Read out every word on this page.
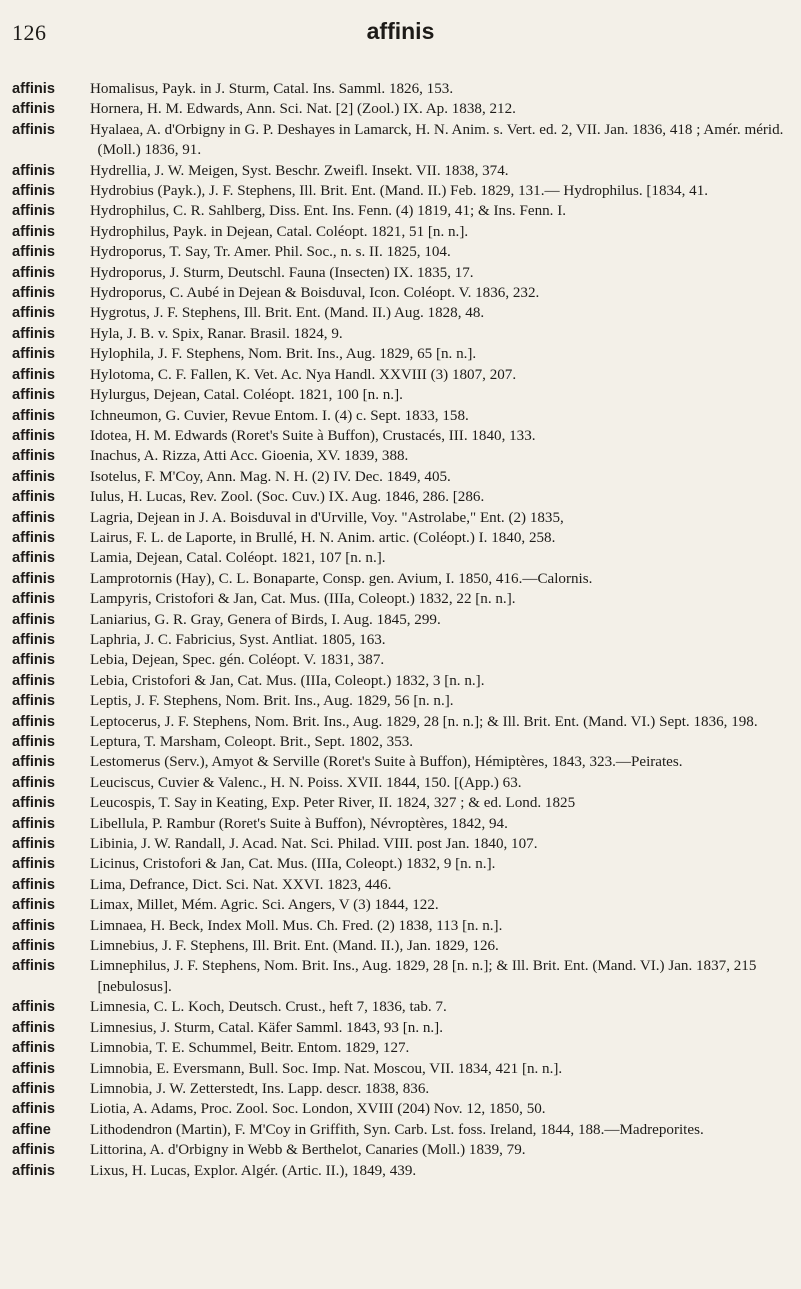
126	affinis
affinis	Homalisus, Payk. in J. Sturm, Catal. Ins. Samml. 1826, 153.
affinis	Hornera, H. M. Edwards, Ann. Sci. Nat. [2] (Zool.) IX. Ap. 1838, 212.
affinis	Hyalaea, A. d'Orbigny in G. P. Deshayes in Lamarck, H. N. Anim. s. Vert. ed. 2, VII. Jan. 1836, 418 ; Amér. mérid. (Moll.) 1836, 91.
affinis	Hydrellia, J. W. Meigen, Syst. Beschr. Zweifl. Insekt. VII. 1838, 374.
affinis	Hydrobius (Payk.), J. F. Stephens, Ill. Brit. Ent. (Mand. II.) Feb. 1829, 131.— Hydrophilus. [1834, 41.
affinis	Hydrophilus, C. R. Sahlberg, Diss. Ent. Ins. Fenn. (4) 1819, 41; & Ins. Fenn. I.
affinis	Hydrophilus, Payk. in Dejean, Catal. Coléopt. 1821, 51 [n. n.].
affinis	Hydroporus, T. Say, Tr. Amer. Phil. Soc., n. s. II. 1825, 104.
affinis	Hydroporus, J. Sturm, Deutschl. Fauna (Insecten) IX. 1835, 17.
affinis	Hydroporus, C. Aubé in Dejean & Boisduval, Icon. Coléopt. V. 1836, 232.
affinis	Hygrotus, J. F. Stephens, Ill. Brit. Ent. (Mand. II.) Aug. 1828, 48.
affinis	Hyla, J. B. v. Spix, Ranar. Brasil. 1824, 9.
affinis	Hylophila, J. F. Stephens, Nom. Brit. Ins., Aug. 1829, 65 [n. n.].
affinis	Hylotoma, C. F. Fallen, K. Vet. Ac. Nya Handl. XXVIII (3) 1807, 207.
affinis	Hylurgus, Dejean, Catal. Coléopt. 1821, 100 [n. n.].
affinis	Ichneumon, G. Cuvier, Revue Entom. I. (4) c. Sept. 1833, 158.
affinis	Idotea, H. M. Edwards (Roret's Suite à Buffon), Crustacés, III. 1840, 133.
affinis	Inachus, A. Rizza, Atti Acc. Gioenia, XV. 1839, 388.
affinis	Isotelus, F. M'Coy, Ann. Mag. N. H. (2) IV. Dec. 1849, 405.
affinis	Iulus, H. Lucas, Rev. Zool. (Soc. Cuv.) IX. Aug. 1846, 286. [286.
affinis	Lagria, Dejean in J. A. Boisduval in d'Urville, Voy. "Astrolabe," Ent. (2) 1835,
affinis	Lairus, F. L. de Laporte, in Brullé, H. N. Anim. artic. (Coléopt.) I. 1840, 258.
affinis	Lamia, Dejean, Catal. Coléopt. 1821, 107 [n. n.].
affinis	Lamprotornis (Hay), C. L. Bonaparte, Consp. gen. Avium, I. 1850, 416.—Calornis.
affinis	Lampyris, Cristofori & Jan, Cat. Mus. (IIIa, Coleopt.) 1832, 22 [n. n.].
affinis	Laniarius, G. R. Gray, Genera of Birds, I. Aug. 1845, 299.
affinis	Laphria, J. C. Fabricius, Syst. Antliat. 1805, 163.
affinis	Lebia, Dejean, Spec. gén. Coléopt. V. 1831, 387.
affinis	Lebia, Cristofori & Jan, Cat. Mus. (IIIa, Coleopt.) 1832, 3 [n. n.].
affinis	Leptis, J. F. Stephens, Nom. Brit. Ins., Aug. 1829, 56 [n. n.].
affinis	Leptocerus, J. F. Stephens, Nom. Brit. Ins., Aug. 1829, 28 [n. n.]; & Ill. Brit. Ent. (Mand. VI.) Sept. 1836, 198.
affinis	Leptura, T. Marsham, Coleopt. Brit., Sept. 1802, 353.
affinis	Lestomerus (Serv.), Amyot & Serville (Roret's Suite à Buffon), Hémiptères, 1843, 323.—Peirates.
affinis	Leuciscus, Cuvier & Valenc., H. N. Poiss. XVII. 1844, 150. [(App.) 63.
affinis	Leucospis, T. Say in Keating, Exp. Peter River, II. 1824, 327 ; & ed. Lond. 1825
affinis	Libellula, P. Rambur (Roret's Suite à Buffon), Névroptères, 1842, 94.
affinis	Libinia, J. W. Randall, J. Acad. Nat. Sci. Philad. VIII. post Jan. 1840, 107.
affinis	Licinus, Cristofori & Jan, Cat. Mus. (IIIa, Coleopt.) 1832, 9 [n. n.].
affinis	Lima, Defrance, Dict. Sci. Nat. XXVI. 1823, 446.
affinis	Limax, Millet, Mém. Agric. Sci. Angers, V (3) 1844, 122.
affinis	Limnaea, H. Beck, Index Moll. Mus. Ch. Fred. (2) 1838, 113 [n. n.].
affinis	Limnebius, J. F. Stephens, Ill. Brit. Ent. (Mand. II.), Jan. 1829, 126.
affinis	Limnephilus, J. F. Stephens, Nom. Brit. Ins., Aug. 1829, 28 [n. n.]; & Ill. Brit. Ent. (Mand. VI.) Jan. 1837, 215 [nebulosus].
affinis	Limnesia, C. L. Koch, Deutsch. Crust., heft 7, 1836, tab. 7.
affinis	Limnesius, J. Sturm, Catal. Käfer Samml. 1843, 93 [n. n.].
affinis	Limnobia, T. E. Schummel, Beitr. Entom. 1829, 127.
affinis	Limnobia, E. Eversmann, Bull. Soc. Imp. Nat. Moscou, VII. 1834, 421 [n. n.].
affinis	Limnobia, J. W. Zetterstedt, Ins. Lapp. descr. 1838, 836.
affinis	Liotia, A. Adams, Proc. Zool. Soc. London, XVIII (204) Nov. 12, 1850, 50.
affine	Lithodendron (Martin), F. M'Coy in Griffith, Syn. Carb. Lst. foss. Ireland, 1844, 188.—Madreporites.
affinis	Littorina, A. d'Orbigny in Webb & Berthelot, Canaries (Moll.) 1839, 79.
affinis	Lixus, H. Lucas, Explor. Algér. (Artic. II.), 1849, 439.
